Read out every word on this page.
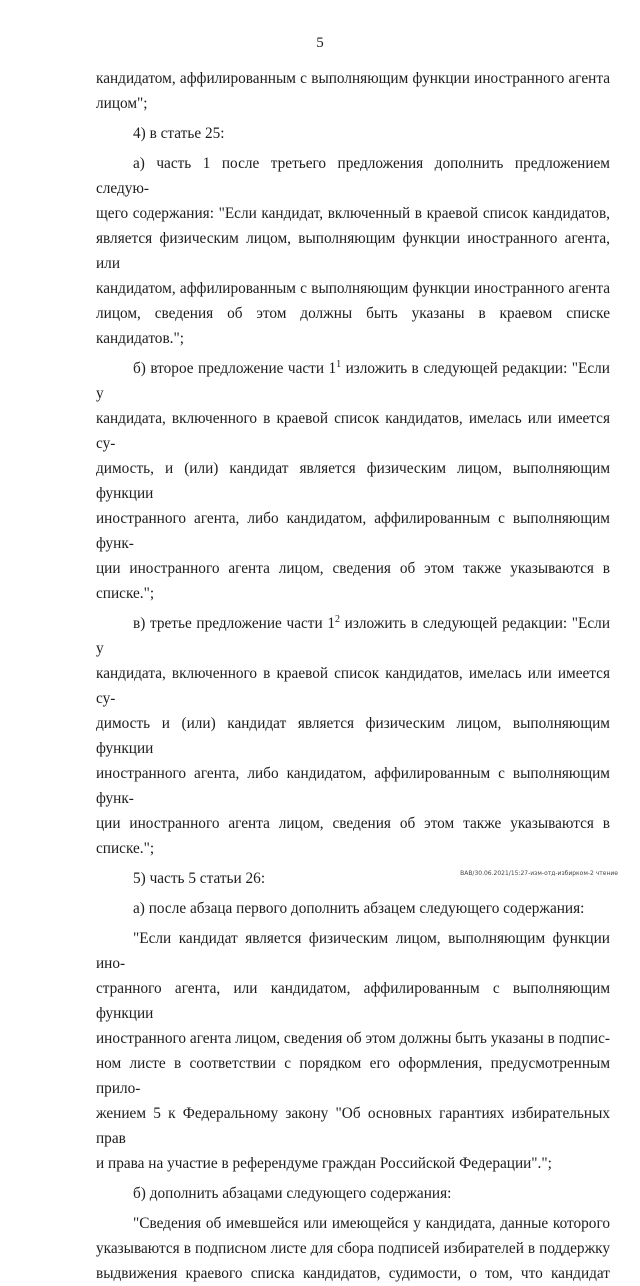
5

кандидатом, аффилированным с выполняющим функции иностранного агента

лицом";

4) в статье 25:

а) часть 1 после третьего предложения дополнить предложением следую-

щего содержания: "Если кандидат, включенный в краевой список кандидатов,

является физическим лицом, выполняющим функции иностранного агента, или

кандидатом, аффилированным с выполняющим функции иностранного агента

лицом, сведения об этом должны быть указаны в краевом списке кандидатов.";

б) второе предложение части $1^1$ изложить в следующей редакции: "Если у

кандидата, включенного в краевой список кандидатов, имелась или имеется су-

димость, и (или) кандидат является физическим лицом, выполняющим функции

иностранного агента, либо кандидатом, аффилированным с выполняющим функ-

ции иностранного агента лицом, сведения об этом также указываются в списке.";

в) третье предложение части $1^2$ изложить в следующей редакции: "Если у

кандидата, включенного в краевой список кандидатов, имелась или имеется су-

димость и (или) кандидат является физическим лицом, выполняющим функции

иностранного агента, либо кандидатом, аффилированным с выполняющим функ-

ции иностранного агента лицом, сведения об этом также указываются в списке.";

5) часть 5 статьи 26:

а) после абзаца первого дополнить абзацем следующего содержания:

"Если кандидат является физическим лицом, выполняющим функции ино-

странного агента, или кандидатом, аффилированным с выполняющим функции

иностранного агента лицом, сведения об этом должны быть указаны в подпис-

ном листе в соответствии с порядком его оформления, предусмотренным прило-

жением 5 к Федеральному закону "Об основных гарантиях избирательных прав

и права на участие в референдуме граждан Российской Федерации".";

б) дополнить абзацами следующего содержания:

"Сведения об имевшейся или имеющейся у кандидата, данные которого

указываются в подписном листе для сбора подписей избирателей в поддержку

выдвижения краевого списка кандидатов, судимости, о том, что кандидат

ВАВ/30.06.2021/15:27-изм-отд-избирком-2 чтение
